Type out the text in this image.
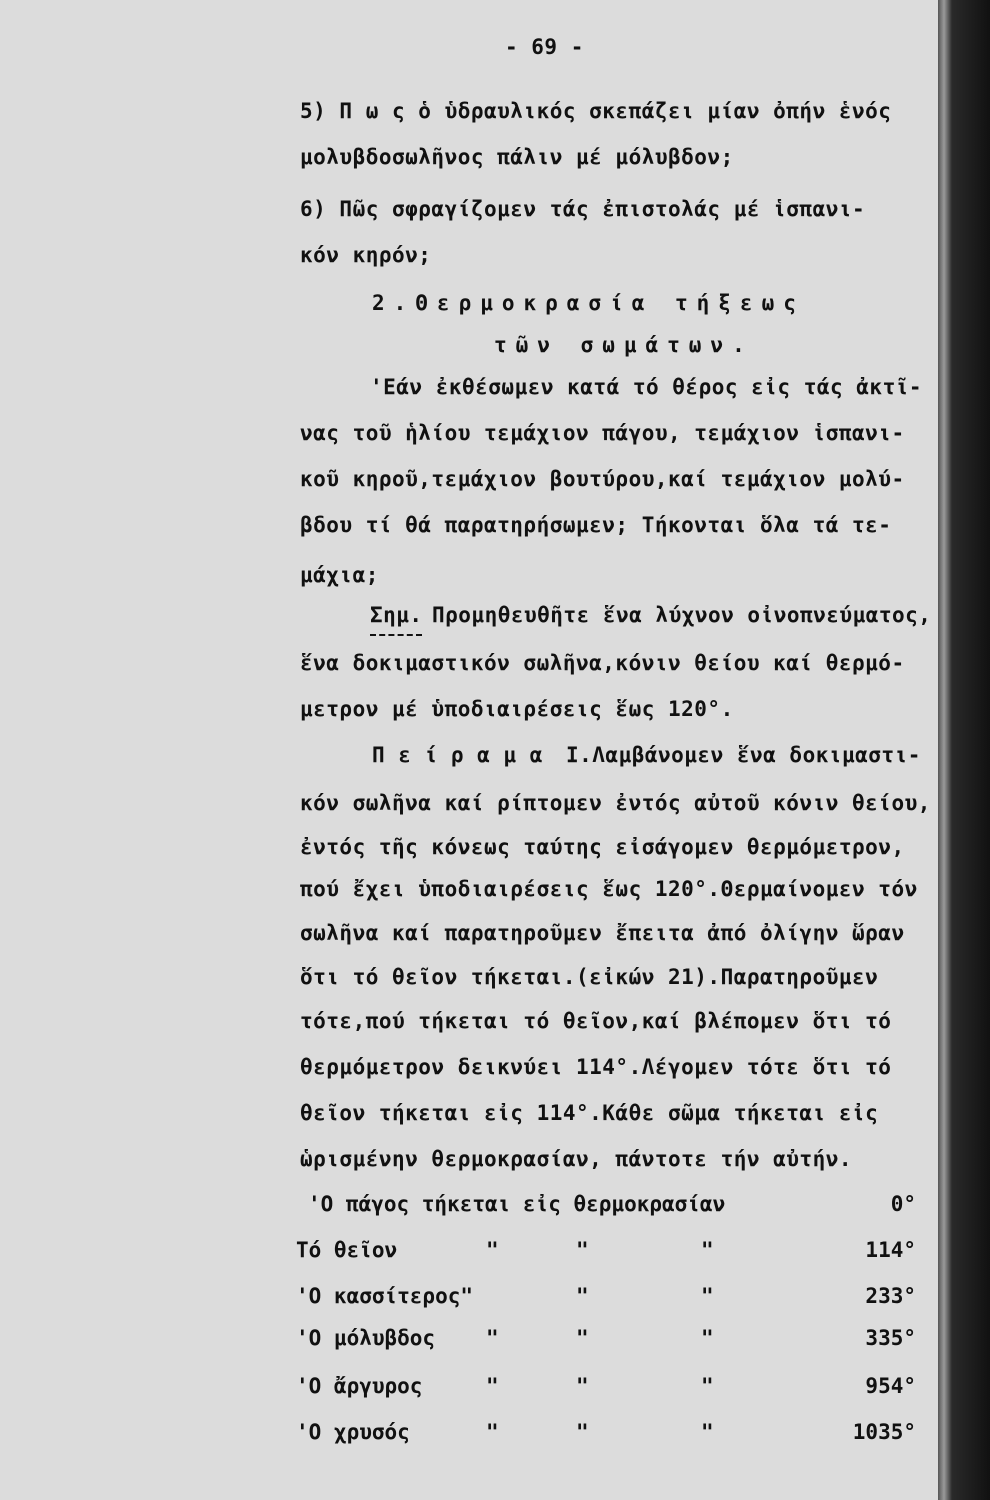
- 69 -
5) Π ω ς ὁ ὑδραυλικός σκεπάζει μίαν ὀπήν ἑνός
μολυβδοσωλῆνος πάλιν μέ μόλυβδον;
6) Πῶς σφραγίζομεν τάς ἐπιστολάς μέ ἱσπανι-
κόν κηρόν;
2.Θερμοκρασία τήξεως
τῶν σωμάτων.
'Εάν ἐκθέσωμεν κατά τό θέρος εἰς τάς ἀκτῖ-
νας τοῦ ἡλίου τεμάχιον πάγου, τεμάχιον ἱσπανι-
κοῦ κηροῦ,τεμάχιον βουτύρου,καί τεμάχιον μολύ-
βδου τί θά παρατηρήσωμεν; Τήκονται ὅλα τά τε-
μάχια;
Σημ. Προμηθευθῆτε ἕνα λύχνον οἰνοπνεύματος,
ἕνα δοκιμαστικόν σωλῆνα,κόνιν θείου καί θερμό-
μετρον μέ ὑποδιαιρέσεις ἕως 120°.
Π ε ί ρ α μ α Ι.Λαμβάνομεν ἕνα δοκιμαστι-
κόν σωλῆνα καί ρίπτομεν ἐντός αὐτοῦ κόνιν θείου,
ἐντός τῆς κόνεως ταύτης εἰσάγομεν θερμόμετρον,
πού ἔχει ὑποδιαιρέσεις ἕως 120°.Θερμαίνομεν τόν
σωλῆνα καί παρατηροῦμεν ἔπειτα ἀπό ὀλίγην ὥραν
ὅτι τό θεῖον τήκεται.(εἰκών 21).Παρατηροῦμεν
τότε,πού τήκεται τό θεῖον,καί βλέπομεν ὅτι τό
θερμόμετρον δεικνύει 114°.Λέγομεν τότε ὅτι τό
θεῖον τήκεται εἰς 114°.Κάθε σῶμα τήκεται εἰς
ὡρισμένην θερμοκρασίαν, πάντοτε τήν αὐτήν.
'Ο πάγος τήκεται εἰς θερμοκρασίαν	0°
Τό θεῖον	"	"	"	114°
'Ο κασσίτερος"	"	"	233°
'Ο μόλυβδος "	"	"	335°
'Ο ἄργυρος	"	"	"	954°
'Ο χρυσός	"	"	"	1035°
